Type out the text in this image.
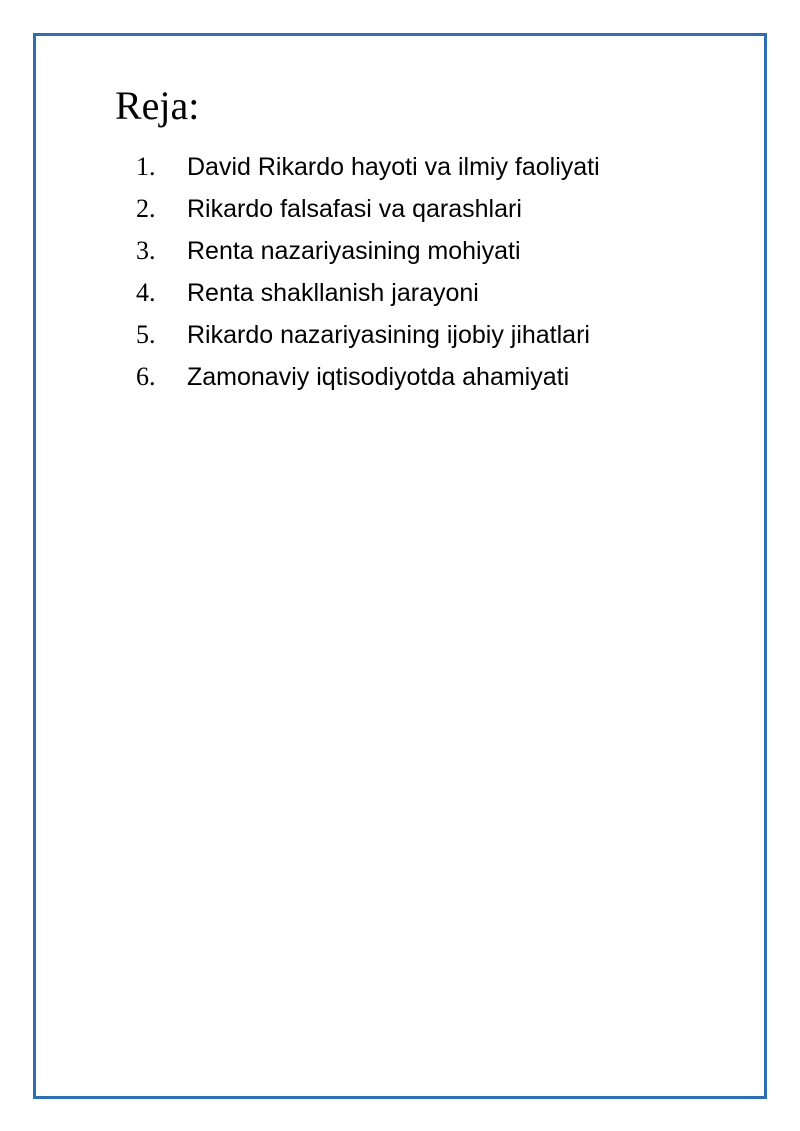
Reja:
1.	David Rikardo hayoti va ilmiy faoliyati
2.	Rikardo falsafasi va qarashlari
3.	Renta nazariyasining mohiyati
4.	Renta shakllanish jarayoni
5.	Rikardo nazariyasining ijobiy jihatlari
6.	Zamonaviy iqtisodiyotda ahamiyati
